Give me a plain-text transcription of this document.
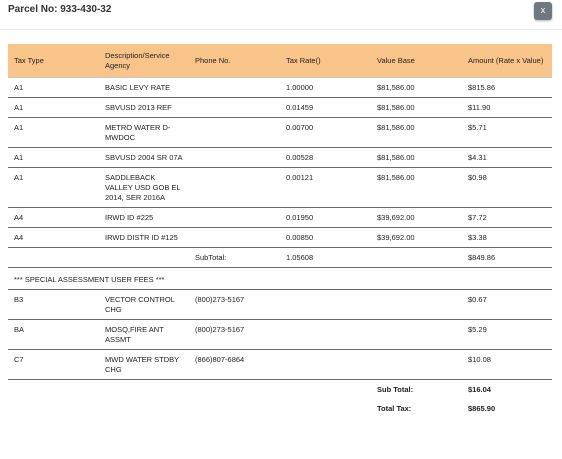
Parcel No: 933-430-32	x
Tax Type	Description/Service Agency	Phone No.	Tax Rate()	Value Base	Amount (Rate x Value)
A1	BASIC LEVY RATE		1.00000	$81,586.00	$815.86
A1	SBVUSD 2013 REF		0.01459	$81,586.00	$11.90
A1	METRO WATER D-MWDOC		0.00700	$81,586.00	$5.71
A1	SBVUSD 2004 SR 07A		0.00528	$81,586.00	$4.31
A1	SADDLEBACK VALLEY USD GOB EL 2014, SER 2016A		0.00121	$81,586.00	$0.98
A4	IRWD ID #225		0.01950	$39,692.00	$7.72
A4	IRWD DISTR ID #125		0.00850	$39,692.00	$3.38
		SubTotal:	1.05608		$849.86
*** SPECIAL ASSESSMENT USER FEES ***					
B3	VECTOR CONTROL CHG	(800)273-5167			$0.67
BA	MOSQ,FIRE ANT ASSMT	(800)273-5167			$5.29
C7	MWD WATER STDBY CHG	(866)807-6864			$10.08
				Sub Total:	$16.04
				Total Tax:	$865.90
